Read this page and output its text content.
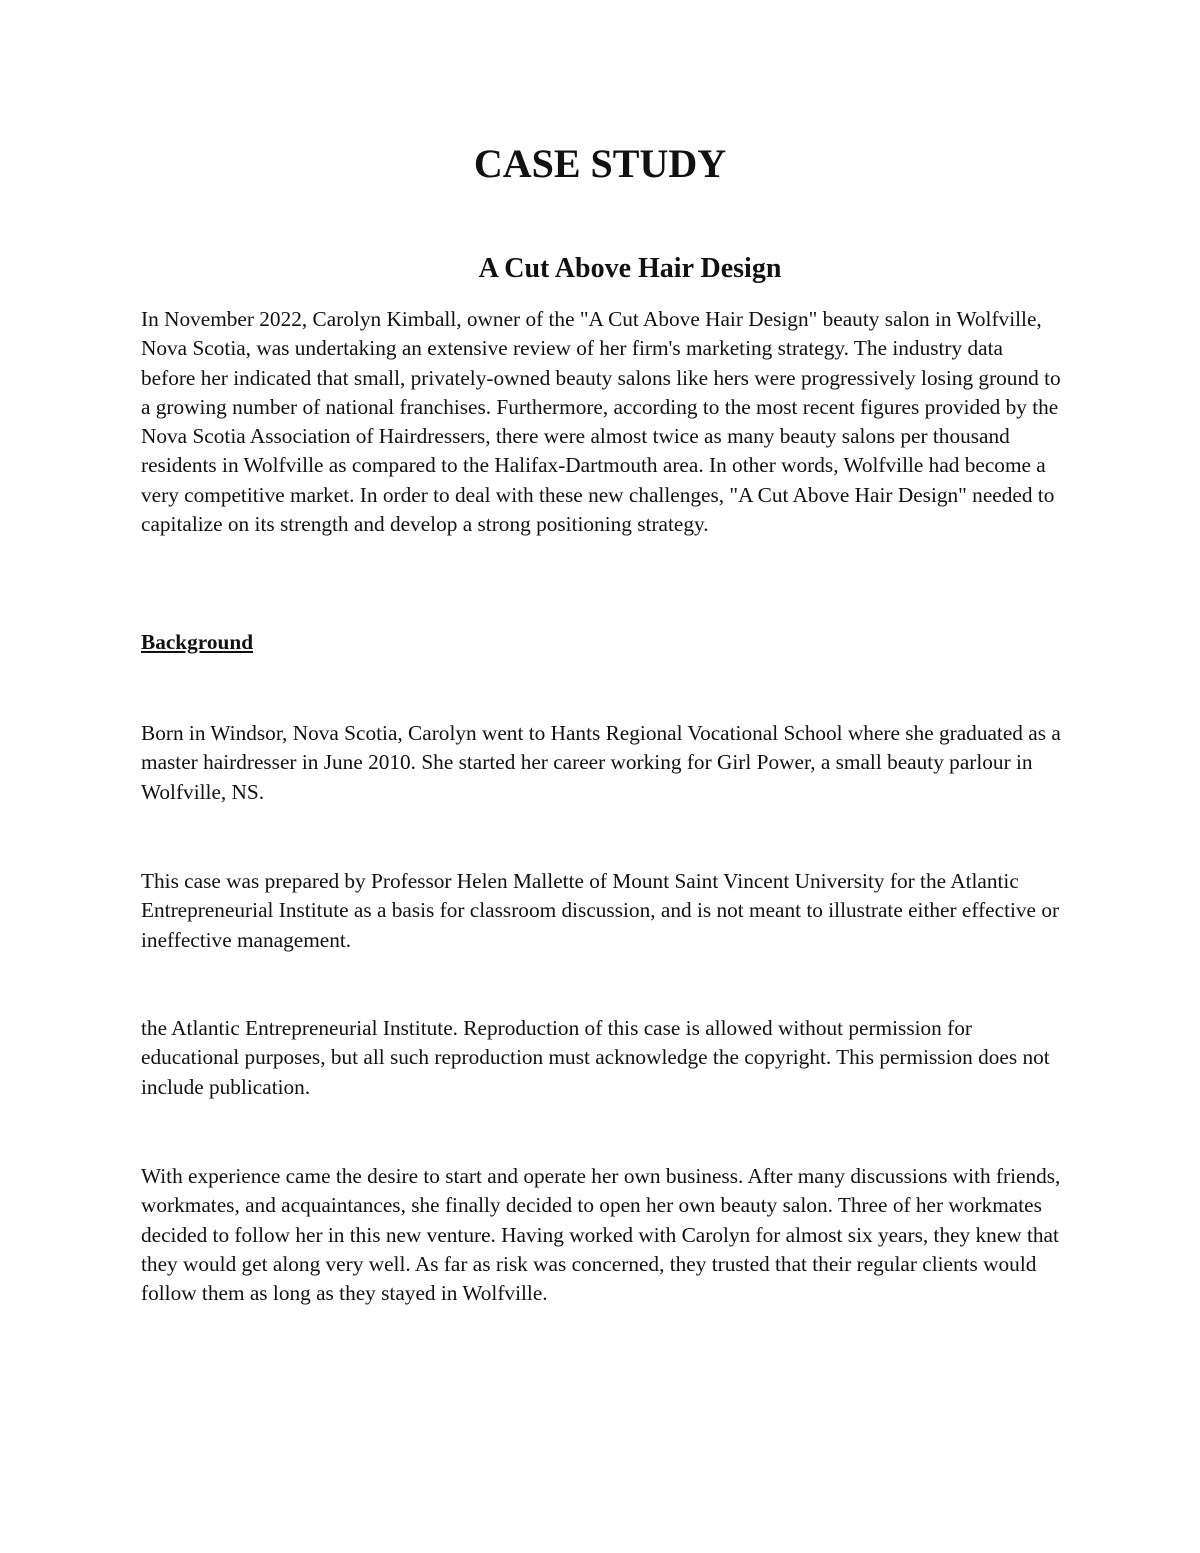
CASE STUDY
A Cut Above Hair Design

In November 2022, Carolyn Kimball, owner of the "A Cut Above Hair Design" beauty salon in Wolfville, Nova Scotia, was undertaking an extensive review of her firm's marketing strategy. The industry data before her indicated that small, privately-owned beauty salons like hers were progressively losing ground to a growing number of national franchises. Furthermore, according to the most recent figures provided by the Nova Scotia Association of Hairdressers, there were almost twice as many beauty salons per thousand residents in Wolfville as compared to the Halifax-Dartmouth area. In other words, Wolfville had become a very competitive market. In order to deal with these new challenges, "A Cut Above Hair Design" needed to capitalize on its strength and develop a strong positioning strategy.

Background

Born in Windsor, Nova Scotia, Carolyn went to Hants Regional Vocational School where she graduated as a master hairdresser in June 2010. She started her career working for Girl Power, a small beauty parlour in Wolfville, NS.

This case was prepared by Professor Helen Mallette of Mount Saint Vincent University for the Atlantic Entrepreneurial Institute as a basis for classroom discussion, and is not meant to illustrate either effective or ineffective management.

the Atlantic Entrepreneurial Institute. Reproduction of this case is allowed without permission for educational purposes, but all such reproduction must acknowledge the copyright. This permission does not include publication.

With experience came the desire to start and operate her own business. After many discussions with friends, workmates, and acquaintances, she finally decided to open her own beauty salon. Three of her workmates decided to follow her in this new venture. Having worked with Carolyn for almost six years, they knew that they would get along very well. As far as risk was concerned, they trusted that their regular clients would follow them as long as they stayed in Wolfville.
